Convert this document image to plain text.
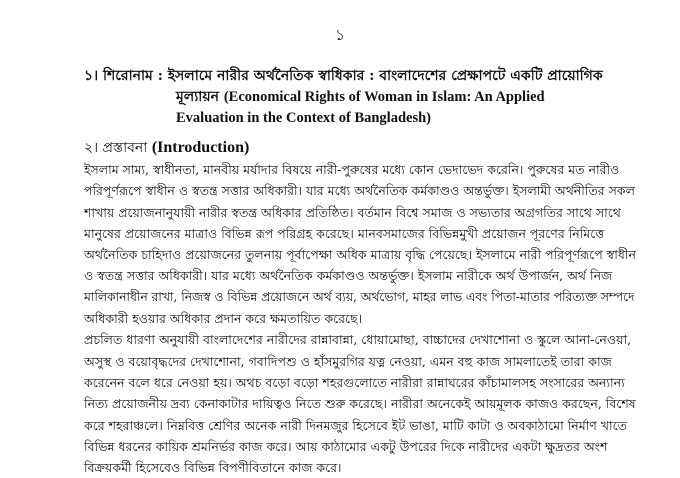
১
১। শিরোনাম : ইসলামে নারীর অর্থনৈতিক স্বাধিকার : বাংলাদেশের প্রেক্ষাপটে একটি প্রায়োগিক
মূল্যায়ন (Economical Rights of Woman in Islam: An Applied
Evaluation in the Context of Bangladesh)
২। প্রস্তাবনা (Introduction)
ইসলাম সাম্য, স্বাধীনতা, মানবীয় মর্যাদার বিষয়ে নারী-পুরুষের মধ্যে কোন ভেদাভেদ করেনি। পুরুষের মত নারীও
পরিপূর্ণরূপে স্বাধীন ও স্বতন্ত্র সত্তার অধিকারী। যার মধ্যে অর্থনৈতিক কর্মকাণ্ডও অন্তর্ভুক্ত। ইসলামী অর্থনীতির সকল
শাখায় প্রয়োজনানুযায়ী নারীর স্বতন্ত্র অধিকার প্রতিষ্ঠিত। বর্তমান বিশ্বে সমাজ ও সভ্যতার অগ্রগতির সাথে সাথে
মানুষের প্রয়োজনের মাত্রাও বিভিন্ন রূপ পরিগ্রহ করেছে। মানবসমাজের বিভিন্নমুখী প্রয়োজন পূরণের নিমিত্তে
অর্থনৈতিক চাহিদাও প্রয়োজনের তুলনায় পূর্বাপেক্ষা অধিক মাত্রায় বৃদ্ধি পেয়েছে। ইসলামে নারী পরিপূর্ণরূপে স্বাধীন
ও স্বতন্ত্র সত্তার অধিকারী। যার মধ্যে অর্থনৈতিক কর্মকাণ্ডও অন্তর্ভুক্ত। ইসলাম নারীকে অর্থ উপার্জন, অর্থ নিজ
মালিকানাধীন রাখা, নিজস্ব ও বিভিন্ন প্রয়োজনে অর্থ ব্যয়, অর্থভোগ, মাহর লাভ এবং পিতা-মাতার পরিত্যক্ত সম্পদে
অধিকারী হওয়ার অধিকার প্রদান করে ক্ষমতায়িত করেছে।
প্রচলিত ধারণা অনুযায়ী বাংলাদেশের নারীদের রান্নাবান্না, ধোয়ামোছা, বাচ্চাদের দেখাশোনা ও স্কুলে আনা-নেওয়া,
অসুস্থ ও বয়োবৃদ্ধদের দেখাশোনা, গবাদিপশু ও হাঁসমুরগির যত্ন নেওয়া, এমন বহু কাজ সামলাতেই তারা কাজ
করেনেন বলে ধরে নেওয়া হয়। অথচ বড়ো বড়ো শহরগুলোতে নারীরা রান্নাঘরের কাঁচামালসহ সংসারের অন্যান্য
নিত্য প্রয়োজনীয় দ্রব্য কেনাকাটার দায়িত্বও নিতে শুরু করেছে। নারীরা অনেকেই আয়মূলক কাজও করছেন, বিশেষ
করে শহরাঞ্চলে। নিম্নবিত্ত শ্রেণির অনেক নারী দিনমজুর হিসেবে ইট ভাঙা, মাটি কাটা ও অবকাঠামো নির্মাণ খাতে
বিভিন্ন ধরনের কায়িক শ্রমনির্ভর কাজ করে। আয় কাঠামোর একটু উপরের দিকে নারীদের একটা ক্ষুদ্রতর অংশ
বিক্রয়কর্মী হিসেবেও বিভিন্ন বিপণীবিতানে কাজ করে।
